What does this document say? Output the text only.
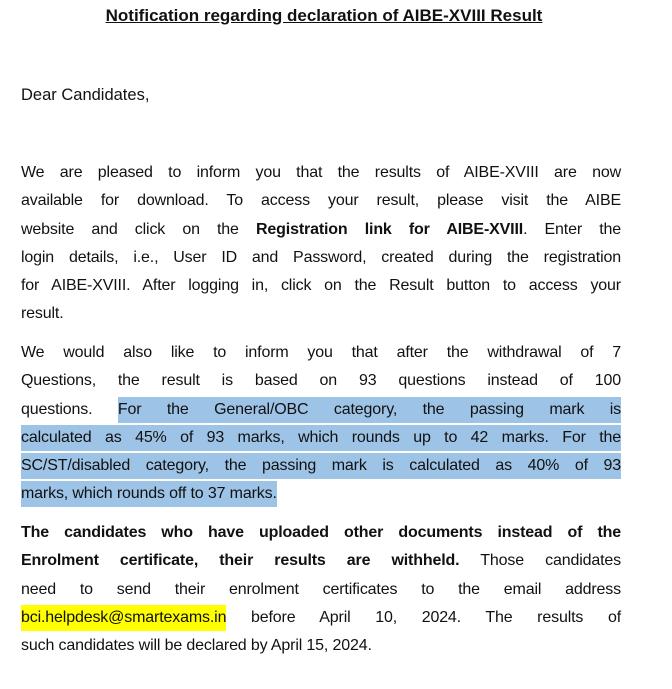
Notification regarding declaration of AIBE-XVIII Result
Dear Candidates,
We are pleased to inform you that the results of AIBE-XVIII are now
available for download. To access your result, please visit the AIBE
website and click on the Registration link for AIBE-XVIII. Enter the
login details, i.e., User ID and Password, created during the registration
for AIBE-XVIII. After logging in, click on the Result button to access your
result.
We would also like to inform you that after the withdrawal of 7
Questions, the result is based on 93 questions instead of 100
questions. For the General/OBC category, the passing mark is
calculated as 45% of 93 marks, which rounds up to 42 marks. For the
SC/ST/disabled category, the passing mark is calculated as 40% of 93
marks, which rounds off to 37 marks.
The candidates who have uploaded other documents instead of the
Enrolment certificate, their results are withheld. Those candidates
need to send their enrolment certificates to the email address
bci.helpdesk@smartexams.in before April 10, 2024. The results of
such candidates will be declared by April 15, 2024.
